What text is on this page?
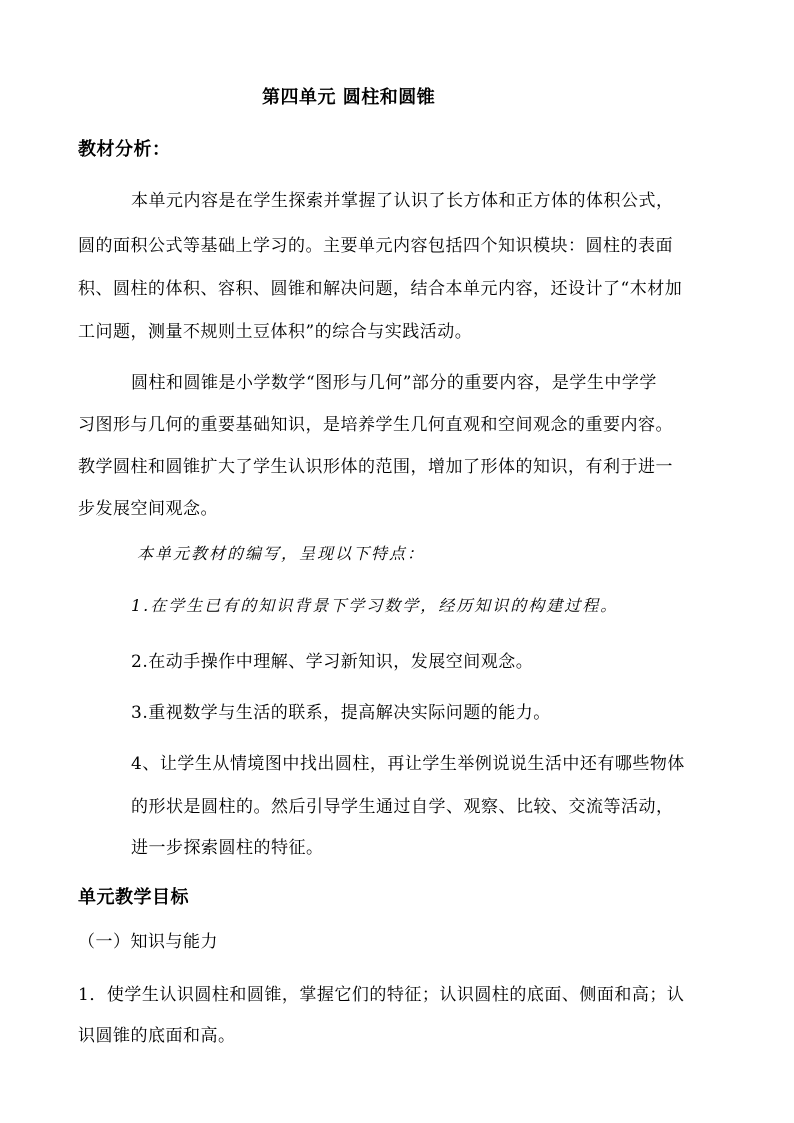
第四单元 圆柱和圆锥
教材分析：
本单元内容是在学生探索并掌握了认识了长方体和正方体的体积公式，
圆的面积公式等基础上学习的。主要单元内容包括四个知识模块：圆柱的表面
积、圆柱的体积、容积、圆锥和解决问题，结合本单元内容，还设计了“木材加
工问题，测量不规则土豆体积”的综合与实践活动。
圆柱和圆锥是小学数学“图形与几何”部分的重要内容，是学生中学学
习图形与几何的重要基础知识，是培养学生几何直观和空间观念的重要内容。
教学圆柱和圆锥扩大了学生认识形体的范围，增加了形体的知识，有利于进一
步发展空间观念。
本单元教材的编写，呈现以下特点：
1.在学生已有的知识背景下学习数学，经历知识的构建过程。
2.在动手操作中理解、学习新知识，发展空间观念。
3.重视数学与生活的联系，提高解决实际问题的能力。
4、让学生从情境图中找出圆柱，再让学生举例说说生活中还有哪些物体
的形状是圆柱的。然后引导学生通过自学、观察、比较、交流等活动，
进一步探索圆柱的特征。
单元教学目标
（一）知识与能力
1．使学生认识圆柱和圆锥，掌握它们的特征；认识圆柱的底面、侧面和高；认
识圆锥的底面和高。
